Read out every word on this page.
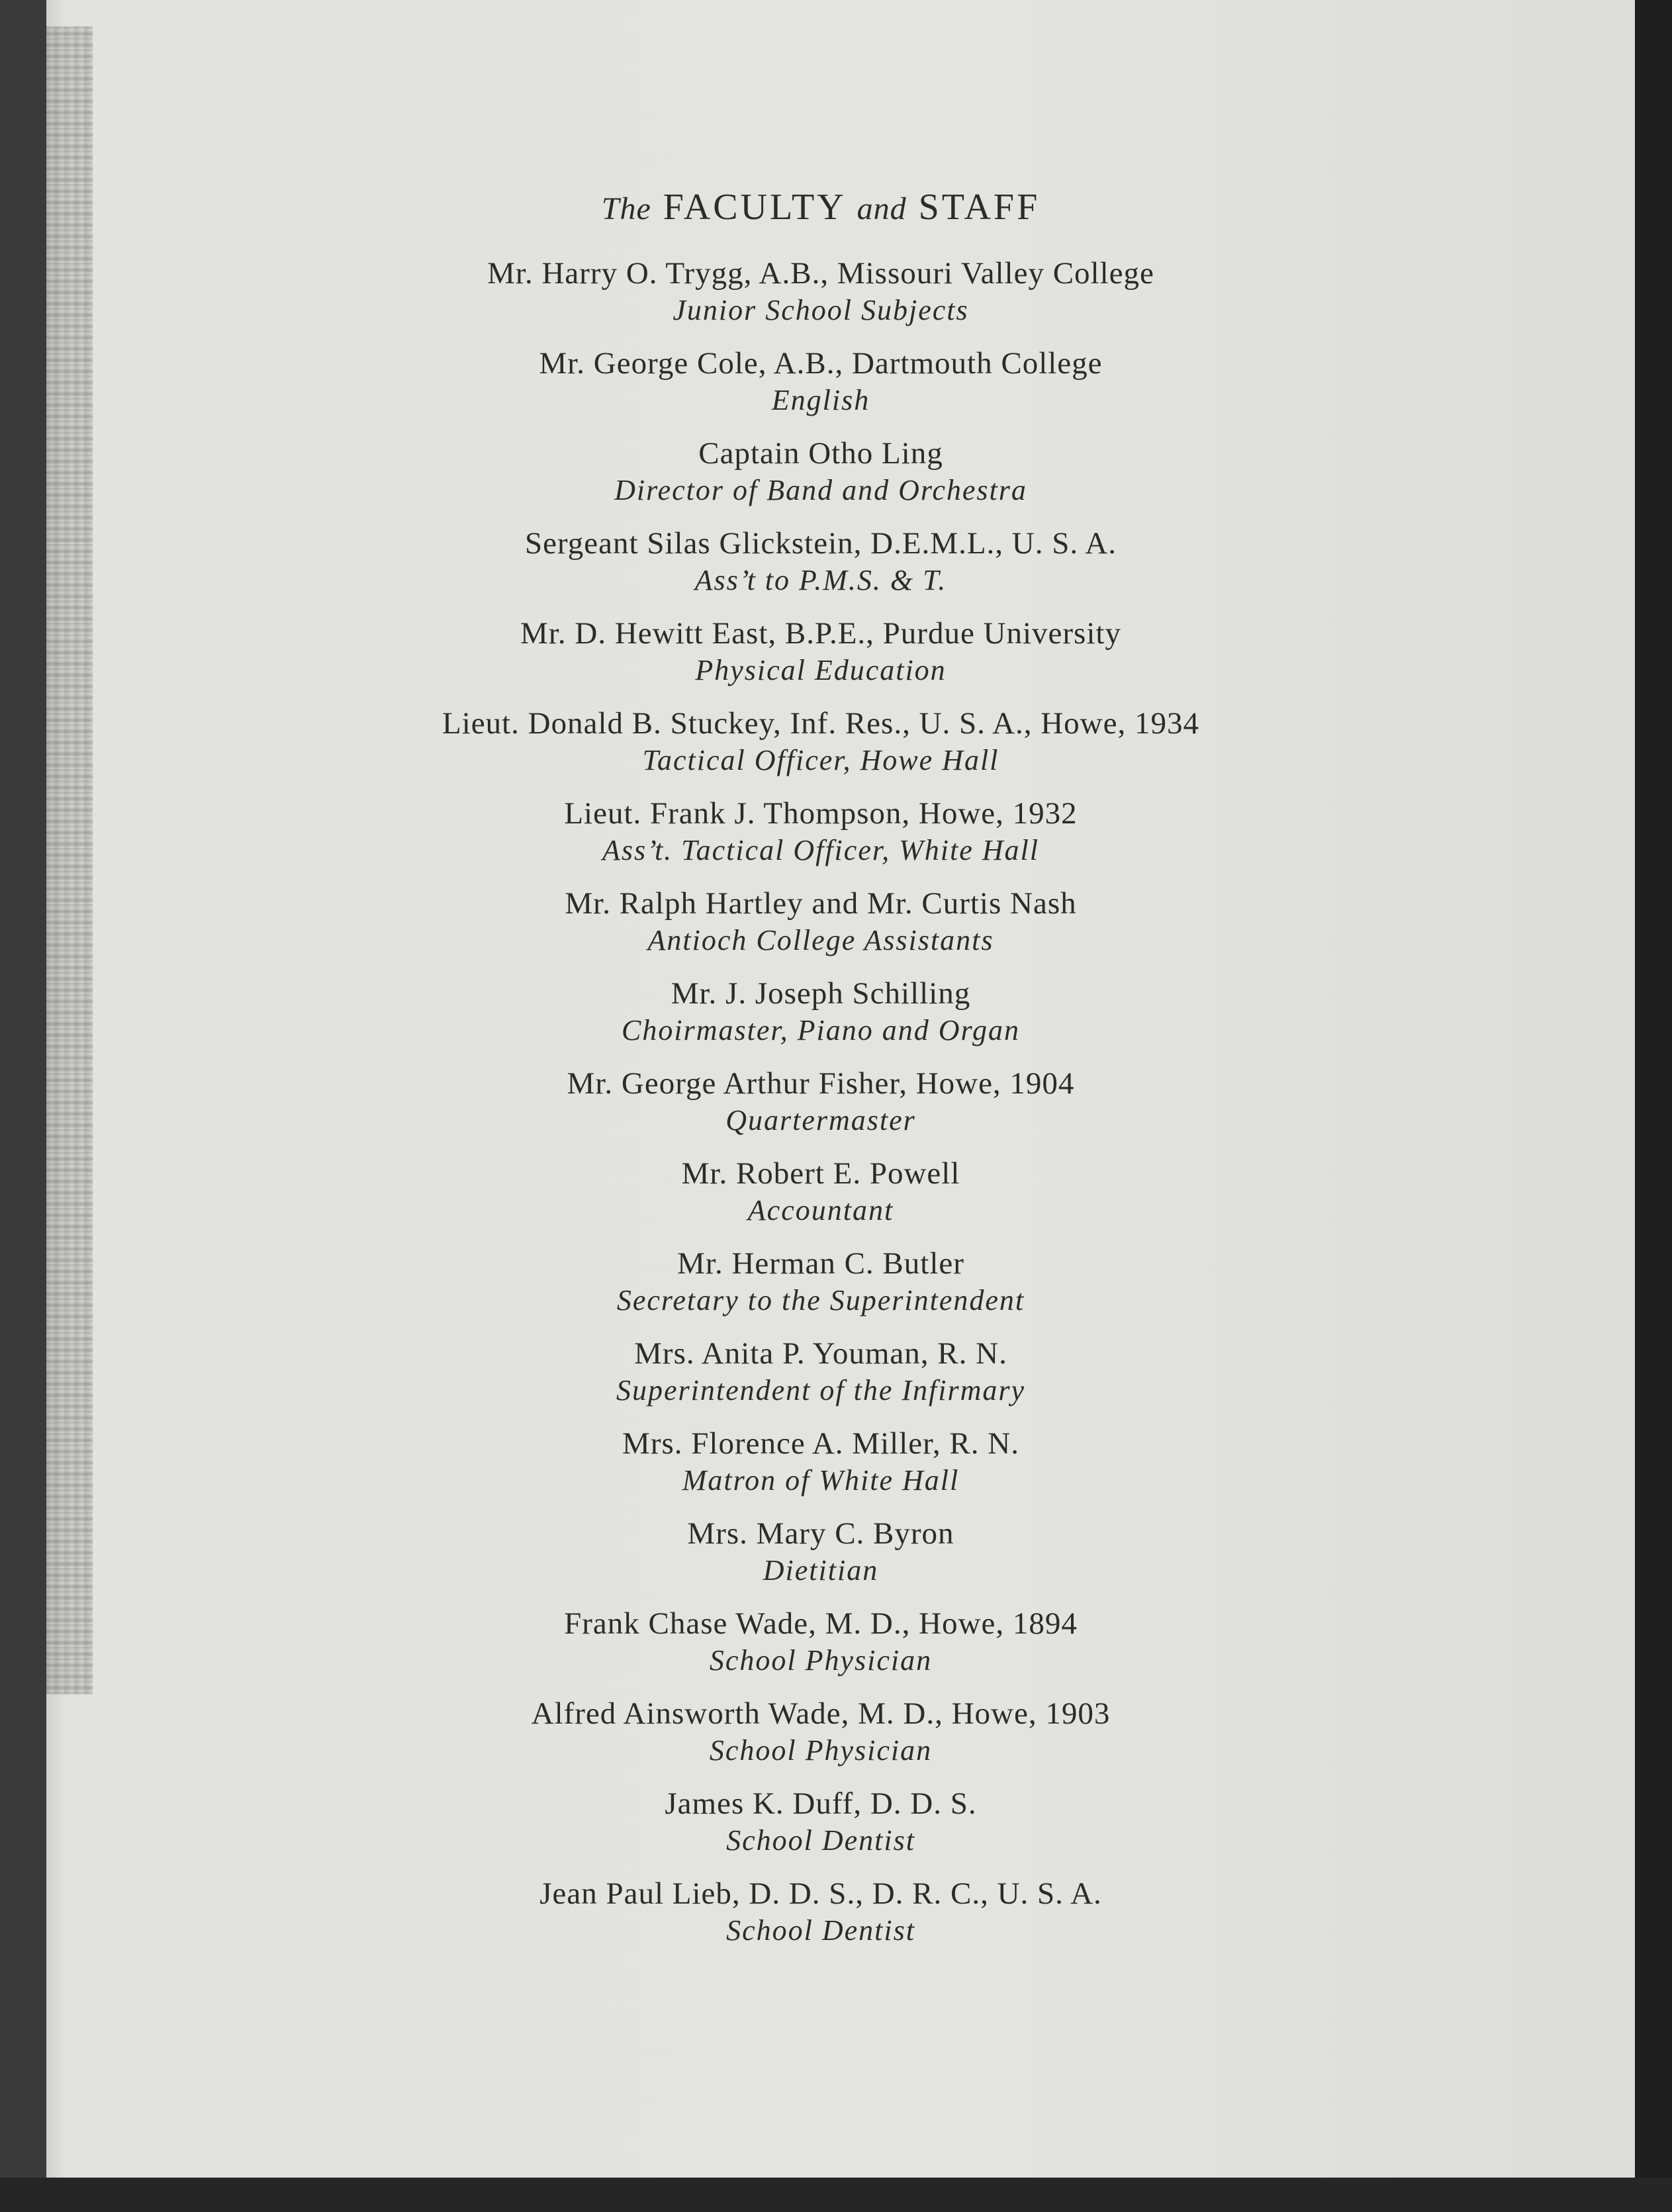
The FACULTY and STAFF
Mr. Harry O. Trygg, A.B., Missouri Valley College
Junior School Subjects
Mr. George Cole, A.B., Dartmouth College
English
Captain Otho Ling
Director of Band and Orchestra
Sergeant Silas Glickstein, D.E.M.L., U. S. A.
Ass’t to P.M.S. & T.
Mr. D. Hewitt East, B.P.E., Purdue University
Physical Education
Lieut. Donald B. Stuckey, Inf. Res., U. S. A., Howe, 1934
Tactical Officer, Howe Hall
Lieut. Frank J. Thompson, Howe, 1932
Ass’t. Tactical Officer, White Hall
Mr. Ralph Hartley and Mr. Curtis Nash
Antioch College Assistants
Mr. J. Joseph Schilling
Choirmaster, Piano and Organ
Mr. George Arthur Fisher, Howe, 1904
Quartermaster
Mr. Robert E. Powell
Accountant
Mr. Herman C. Butler
Secretary to the Superintendent
Mrs. Anita P. Youman, R. N.
Superintendent of the Infirmary
Mrs. Florence A. Miller, R. N.
Matron of White Hall
Mrs. Mary C. Byron
Dietitian
Frank Chase Wade, M. D., Howe, 1894
School Physician
Alfred Ainsworth Wade, M. D., Howe, 1903
School Physician
James K. Duff, D. D. S.
School Dentist
Jean Paul Lieb, D. D. S., D. R. C., U. S. A.
School Dentist
